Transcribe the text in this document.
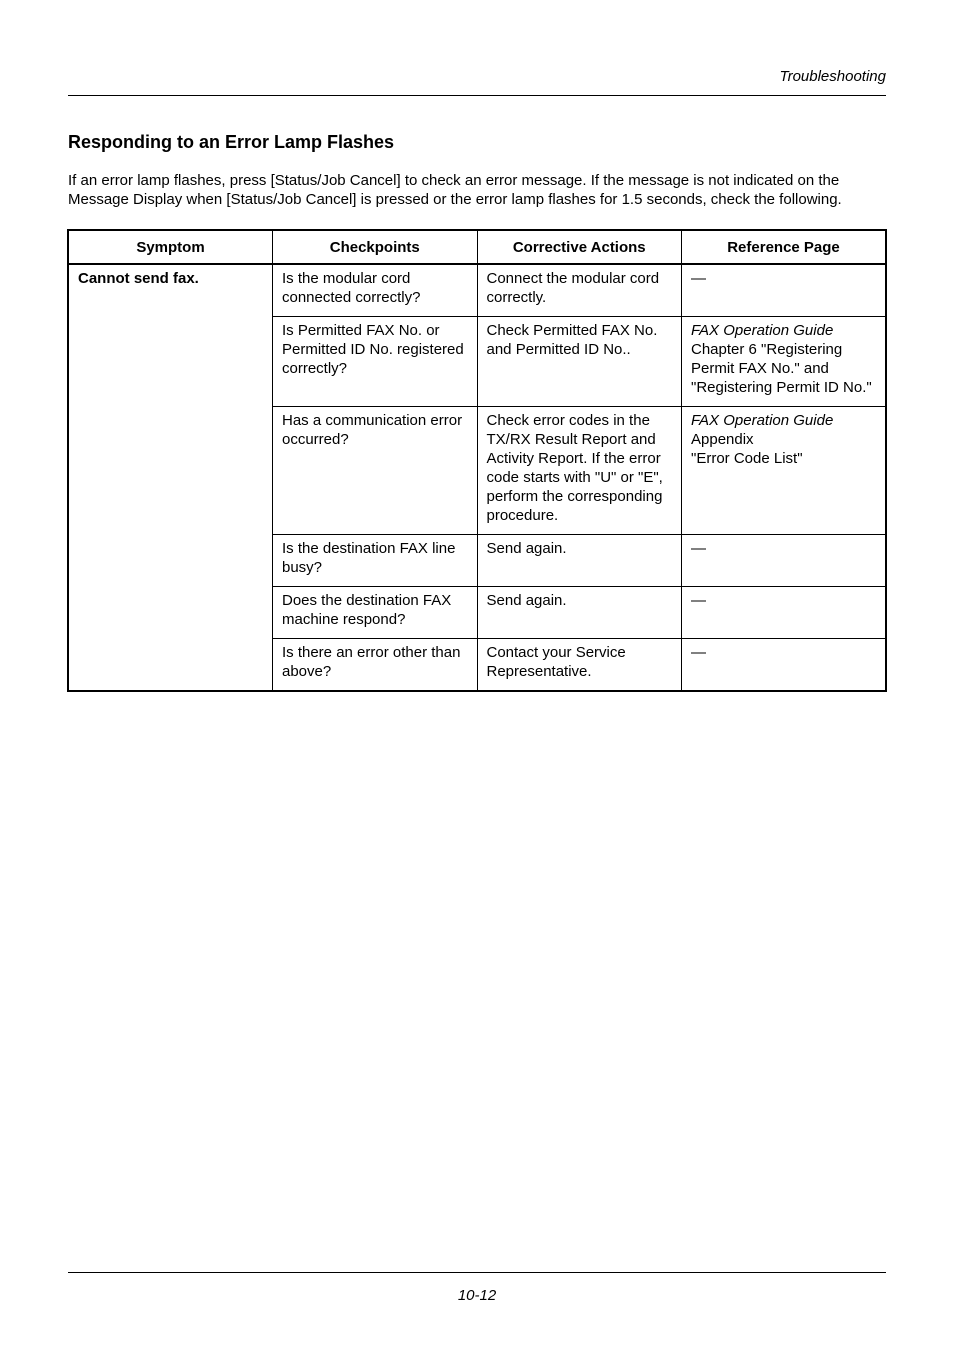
Troubleshooting
Responding to an Error Lamp Flashes

If an error lamp flashes, press [Status/Job Cancel] to check an error message. If the message is not indicated on the Message Display when [Status/Job Cancel] is pressed or the error lamp flashes for 1.5 seconds, check the following.

Symptom	Checkpoints	Corrective Actions	Reference Page
Cannot send fax.	Is the modular cord connected correctly?	Connect the modular cord correctly.	—

	Is Permitted FAX No. or Permitted ID No. registered correctly?	Check Permitted FAX No. and Permitted ID No..	FAX Operation Guide
Chapter 6 "Registering Permit FAX No." and "Registering Permit ID No."

	Has a communication error occurred?	Check error codes in the TX/RX Result Report and Activity Report. If the error code starts with "U" or "E", perform the corresponding procedure.	FAX Operation Guide
Appendix
"Error Code List"

	Is the destination FAX line busy?	Send again.	—

	Does the destination FAX machine respond?	Send again.	—

	Is there an error other than above?	Contact your Service Representative.	—
10-12
